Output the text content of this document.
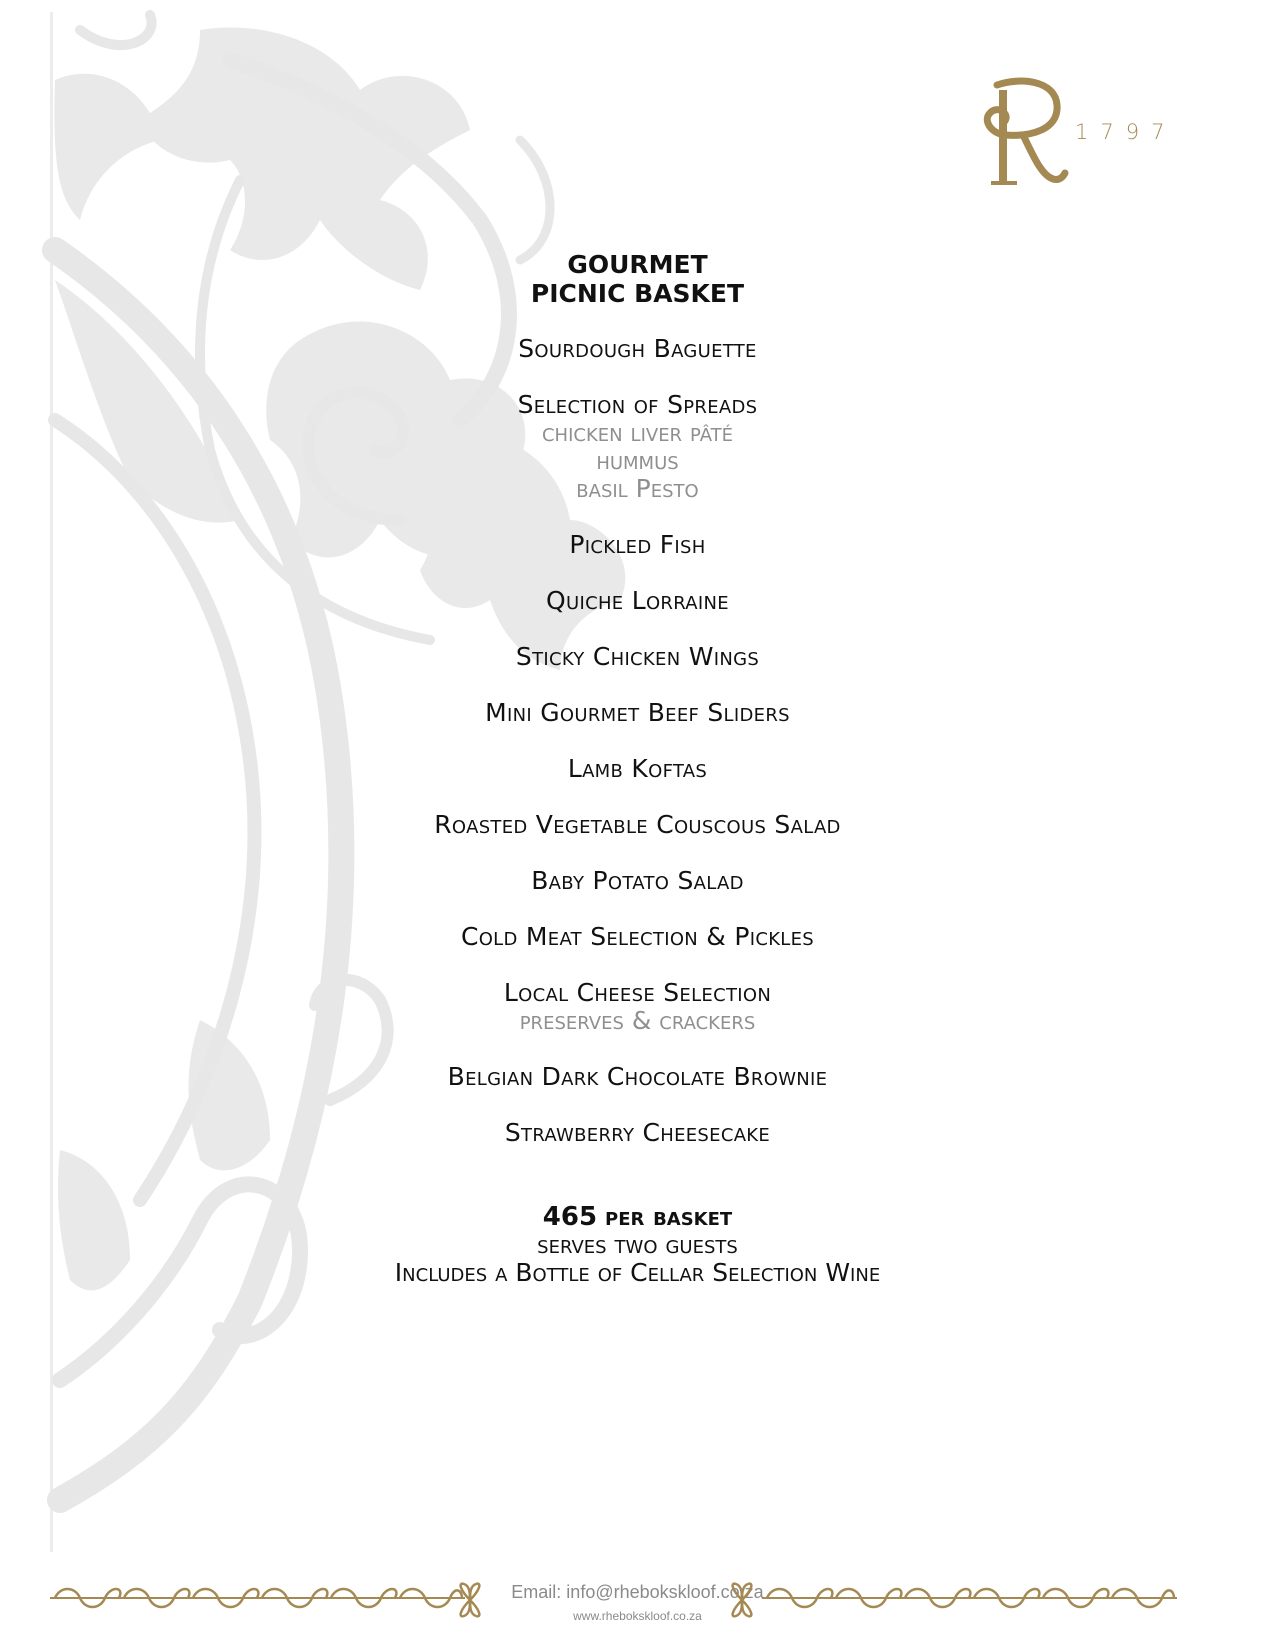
1797

GOURMET

PICNIC BASKET

Sourdough Baguette

Selection of Spreads

chicken liver pâté

hummus

basil Pesto

Pickled Fish

Quiche Lorraine

Sticky Chicken Wings

Mini Gourmet Beef Sliders

Lamb Koftas

Roasted Vegetable Couscous Salad

Baby Potato Salad

Cold Meat Selection & Pickles

Local Cheese Selection

preserves & crackers

Belgian Dark Chocolate Brownie

Strawberry Cheesecake

465 per basket

serves two guests

Includes a Bottle of Cellar Selection Wine

Email: info@rhebokskloof.co.za
www.rhebokskloof.co.za
